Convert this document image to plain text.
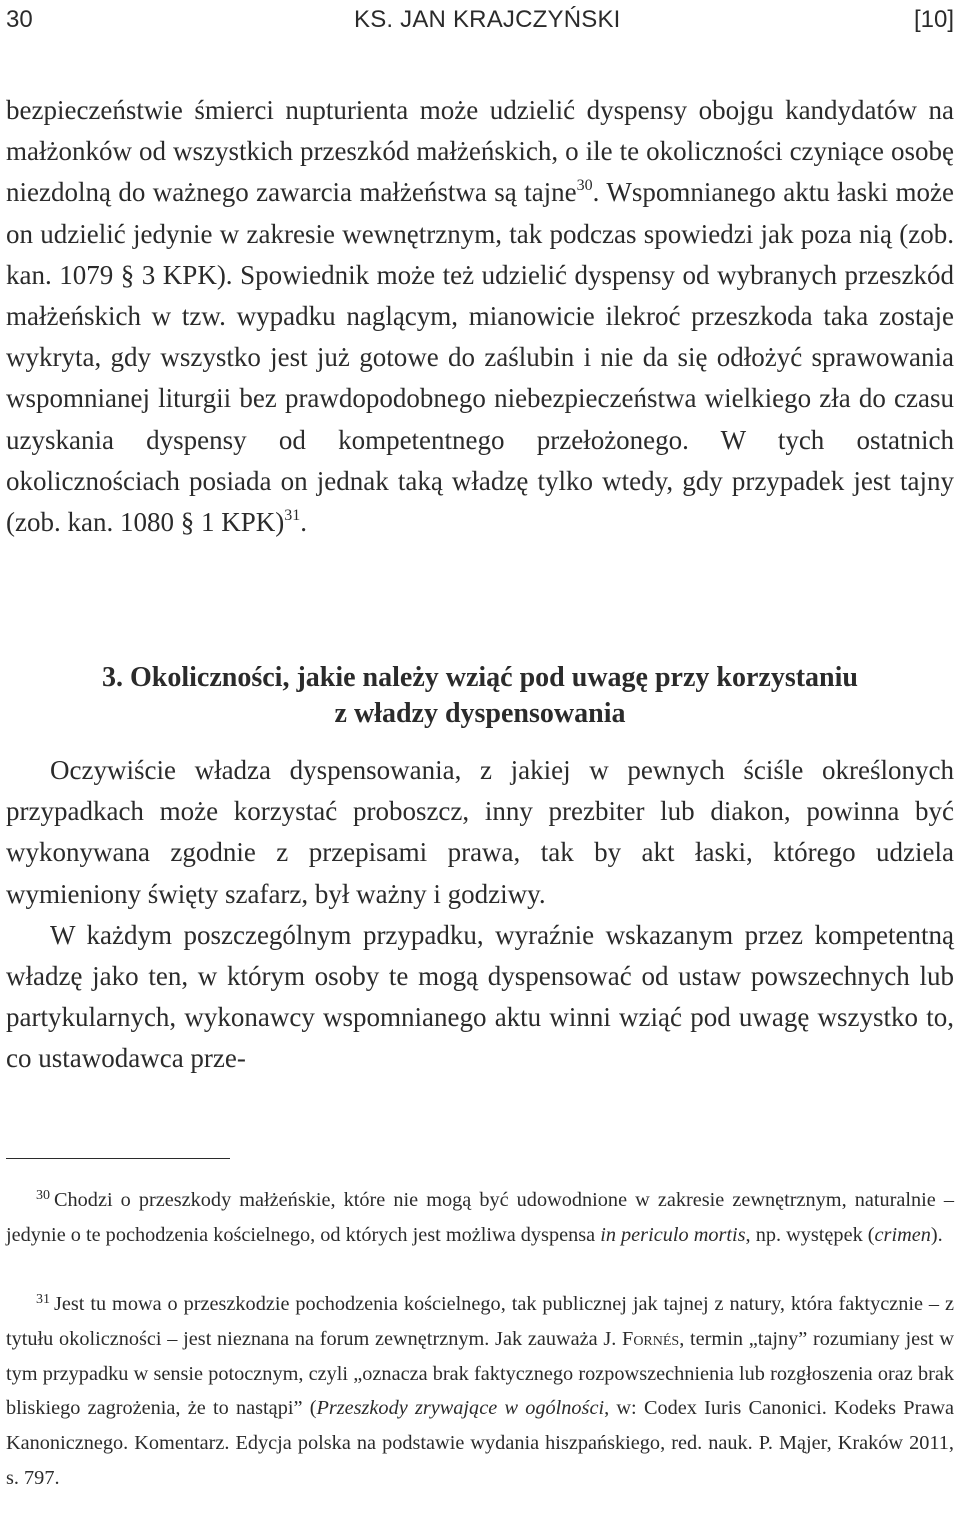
30	KS. JAN KRAJCZYŃSKI	[10]

bezpieczeństwie śmierci nupturienta może udzielić dyspensy obojgu kandydatów na małżonków od wszystkich przeszkód małżeńskich, o ile te okoliczności czyniące osobę niezdolną do ważnego zawarcia małżeństwa są tajne$^{30}$. Wspomnianego aktu łaski może on udzielić jedynie w zakresie wewnętrznym, tak podczas spowiedzi jak poza nią (zob. kan. 1079 § 3 KPK). Spowiednik może też udzielić dyspensy od wybranych przeszkód małżeńskich w tzw. wypadku naglącym, mianowicie ilekroć przeszkoda taka zostaje wykryta, gdy wszystko jest już gotowe do zaślubin i nie da się odłożyć sprawowania wspomnianej liturgii bez prawdopodobnego niebezpieczeństwa wielkiego zła do czasu uzyskania dyspensy od kompetentnego przełożonego. W tych ostatnich okolicznościach posiada on jednak taką władzę tylko wtedy, gdy przypadek jest tajny (zob. kan. 1080 § 1 KPK)$^{31}$.

3. Okoliczności, jakie należy wziąć pod uwagę przy korzystaniu
z władzy dyspensowania

Oczywiście władza dyspensowania, z jakiej w pewnych ściśle określonych przypadkach może korzystać proboszcz, inny prezbiter lub diakon, powinna być wykonywana zgodnie z przepisami prawa, tak by akt łaski, którego udziela wymieniony święty szafarz, był ważny i godziwy.

W każdym poszczególnym przypadku, wyraźnie wskazanym przez kompetentną władzę jako ten, w którym osoby te mogą dyspensować od ustaw powszechnych lub partykularnych, wykonawcy wspomnianego aktu winni wziąć pod uwagę wszystko to, co ustawodawca prze-

$^{30}$ Chodzi o przeszkody małżeńskie, które nie mogą być udowodnione w zakresie zewnętrznym, naturalnie – jedynie o te pochodzenia kościelnego, od których jest możliwa dyspensa in periculo mortis, np. występek (crimen).

$^{31}$ Jest tu mowa o przeszkodzie pochodzenia kościelnego, tak publicznej jak tajnej z natury, która faktycznie – z tytułu okoliczności – jest nieznana na forum zewnętrznym. Jak zauważa J. Fornés, termin „tajny” rozumiany jest w tym przypadku w sensie potocznym, czyli „oznacza brak faktycznego rozpowszechnienia lub rozgłoszenia oraz brak bliskiego zagrożenia, że to nastąpi” (Przeszkody zrywające w ogólności, w: Codex Iuris Canonici. Kodeks Prawa Kanonicznego. Komentarz. Edycja polska na podstawie wydania hiszpańskiego, red. nauk. P. Mąjer, Kraków 2011, s. 797.
